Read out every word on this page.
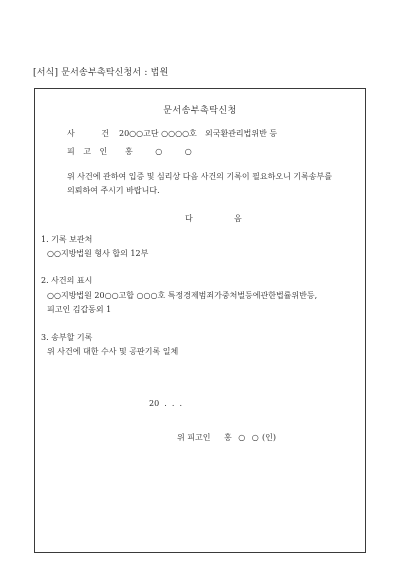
[서식] 문서송부촉탁신청서 : 법원
문서송부촉탁신청
사 건
20○○고단 ○○○○호 외국환관리법위반 등
피 고 인 홍 ○ ○
위 사건에 관하여 입증 및 심리상 다음 사건의 기록이 필요하오니 기록송부를
의뢰하여 주시기 바랍니다.
다	음
1. 기록 보관처
○○지방법원 형사 합의 12부
2. 사건의 표시
○○지방법원 20○○고합 ○○○호 특정경제범죄가중처벌등에관한법률위반등,
피고인 김갑동외 1
3. 송부할 기록
위 사건에 대한 수사 및 공판기록 일체
20  .  .  .
위 피고인 홍 ○ ○ (인)
